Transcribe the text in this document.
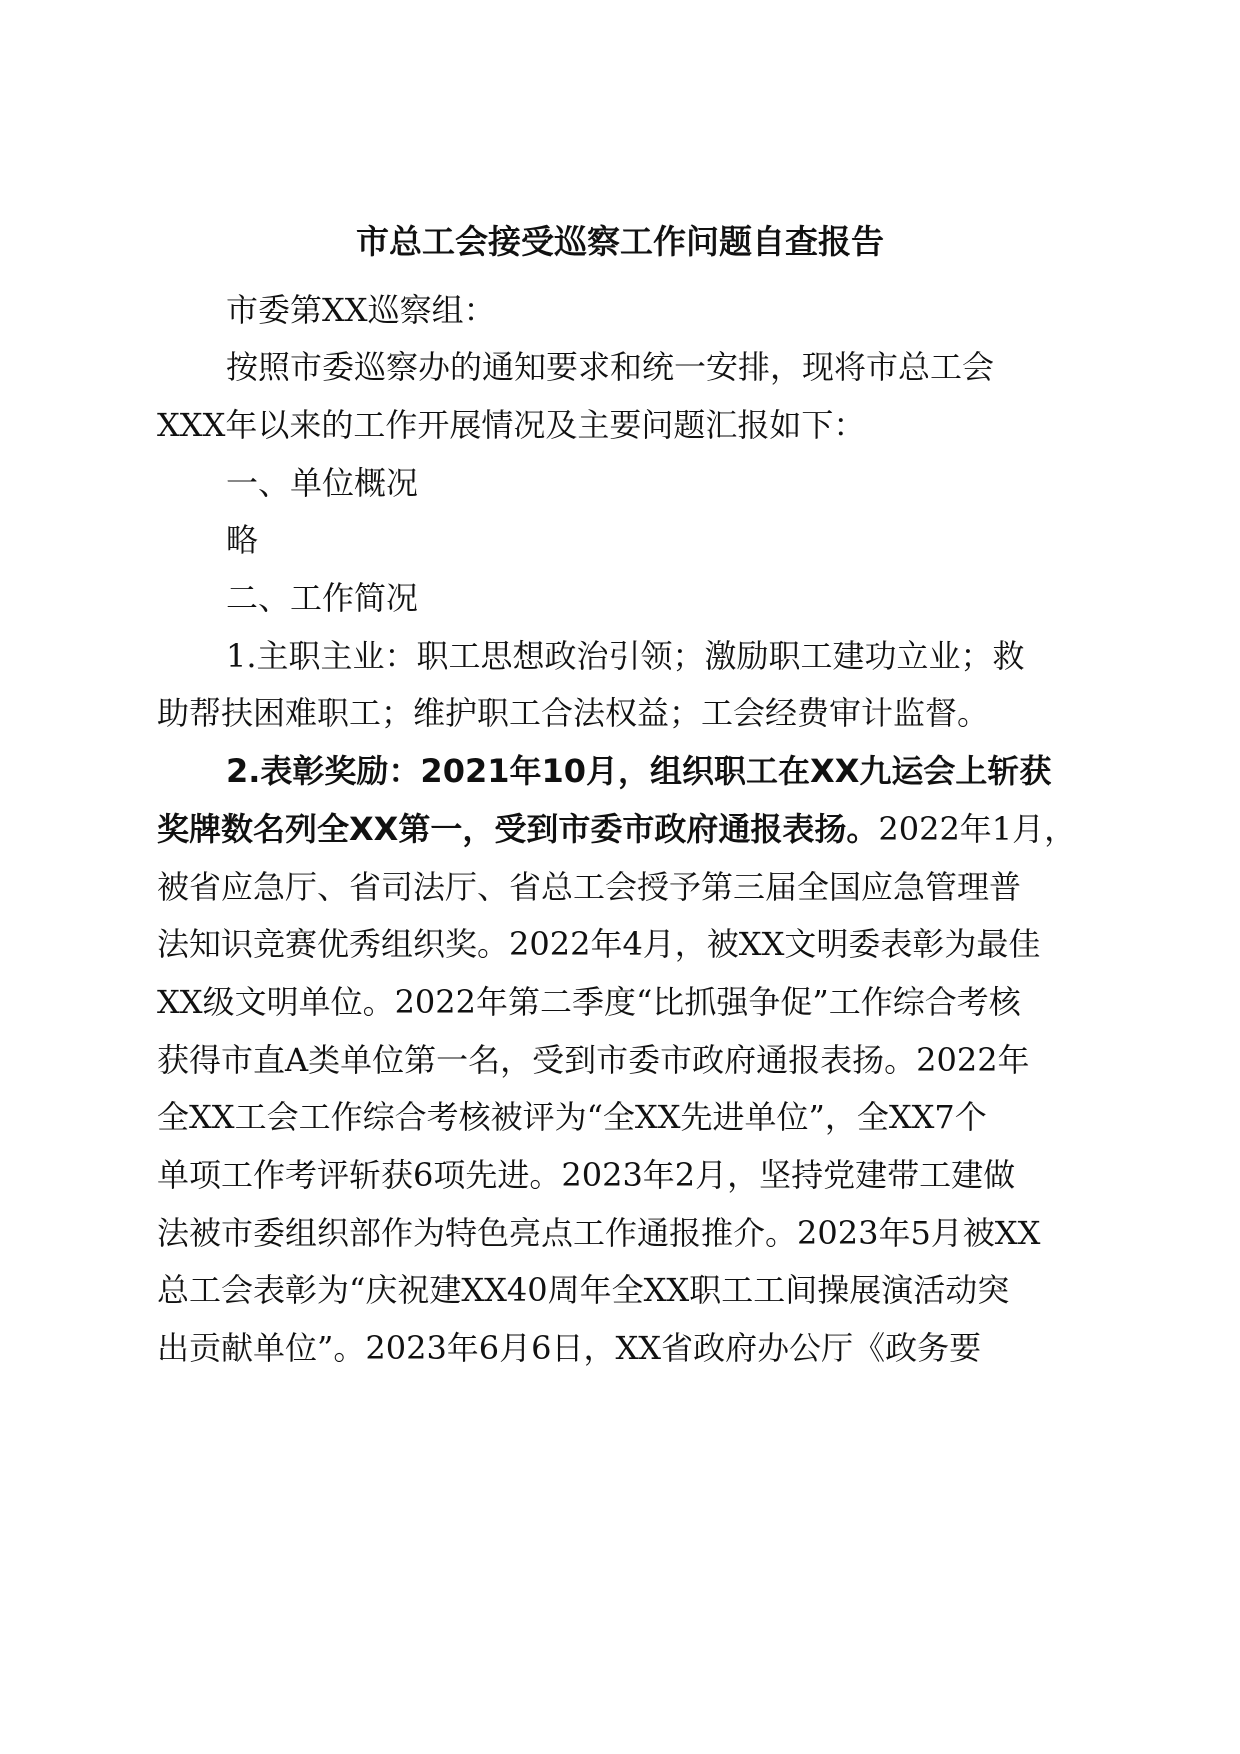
市总工会接受巡察工作问题自查报告

市委第XX巡察组：

按照市委巡察办的通知要求和统一安排，现将市总工会

XXX年以来的工作开展情况及主要问题汇报如下：

一、单位概况

略

二、工作简况

1.主职主业：职工思想政治引领；激励职工建功立业；救

助帮扶困难职工；维护职工合法权益；工会经费审计监督。

2.表彰奖励：2021年10月，组织职工在XX九运会上斩获

奖牌数名列全XX第一，受到市委市政府通报表扬。2022年1月，

被省应急厅、省司法厅、省总工会授予第三届全国应急管理普

法知识竞赛优秀组织奖。2022年4月，被XX文明委表彰为最佳

XX级文明单位。2022年第二季度“比抓强争促”工作综合考核

获得市直A类单位第一名，受到市委市政府通报表扬。2022年

全XX工会工作综合考核被评为“全XX先进单位”，全XX7个

单项工作考评斩获6项先进。2023年2月，坚持党建带工建做

法被市委组织部作为特色亮点工作通报推介。2023年5月被XX

总工会表彰为“庆祝建XX40周年全XX职工工间操展演活动突

出贡献单位”。2023年6月6日，XX省政府办公厅《政务要
